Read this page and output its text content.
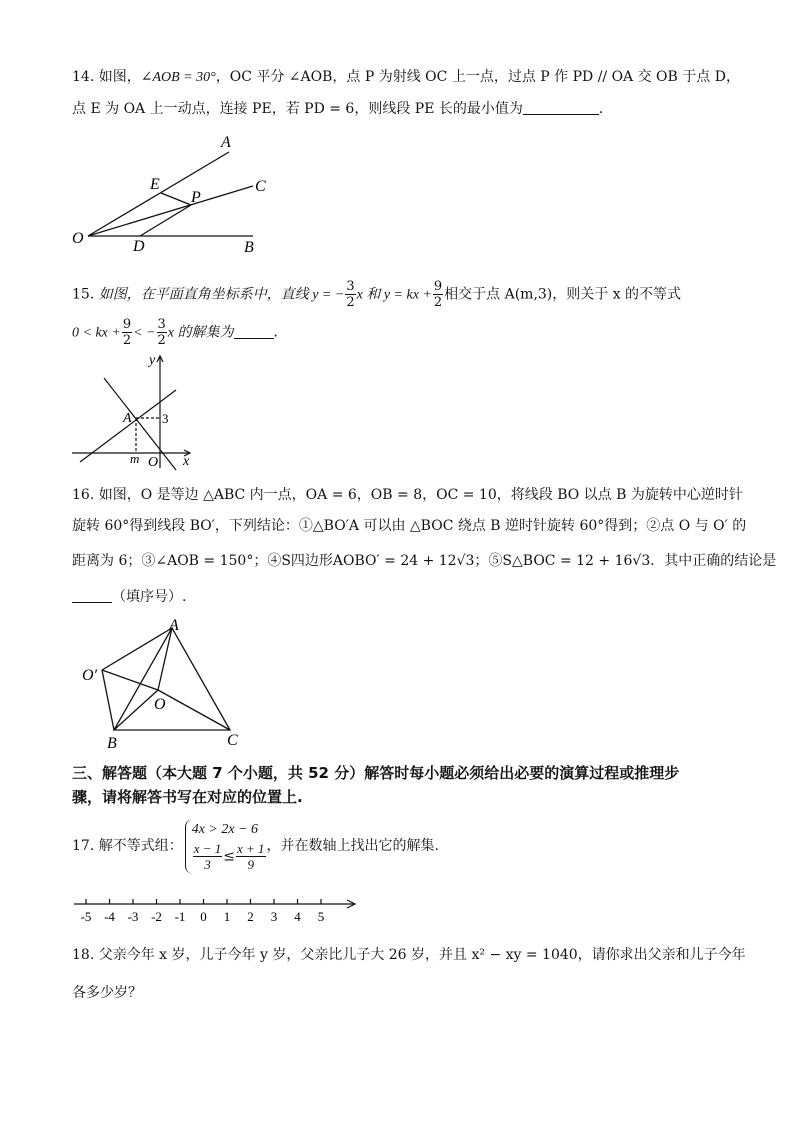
14. 如图，∠AOB = 30°，OC 平分 ∠AOB，点 P 为射线 OC 上一点，过点 P 作 PD // OA 交 OB 于点 D，
点 E 为 OA 上一动点，连接 PE，若 PD = 6，则线段 PE 长的最小值为	．
A
C
E
P
O	D	B
15. 如图，在平面直角坐标系中，直线 y = − $\frac{3}{2}$ x 和 y = kx + $\frac{9}{2}$ 相交于点 A(m,3)，则关于 x 的不等式
0 < kx + $\frac{9}{2}$ < − $\frac{3}{2}$ x 的解集为	．
y
A 3
m O x
16. 如图，O 是等边 △ABC 内一点，OA = 6，OB = 8，OC = 10，将线段 BO 以点 B 为旋转中心逆时针
旋转 60°得到线段 BO′，下列结论：①△BO′A 可以由 △BOC 绕点 B 逆时针旋转 60°得到；②点 O 与 O′ 的
距离为 6；③∠AOB = 150°；④S四边形AOBO′ = 24 + 12√3；⑤S△BOC = 12 + 16√3．其中正确的结论是
（填序号）.
A
O′
O
B	C
三、解答题（本大题 7 个小题，共 52 分）解答时每小题必须给出必要的演算过程或推理步
骤，请将解答书写在对应的位置上.
17. 解不等式组：
4x > 2x − 6
$\frac{x - 1}{3} \le \frac{x + 1}{9}$ ，并在数轴上找出它的解集.
-5 -4 -3 -2 -1 0 1 2 3 4 5
18. 父亲今年 x 岁，儿子今年 y 岁，父亲比儿子大 26 岁，并且 x² − xy = 1040，请你求出父亲和儿子今年
各多少岁？
